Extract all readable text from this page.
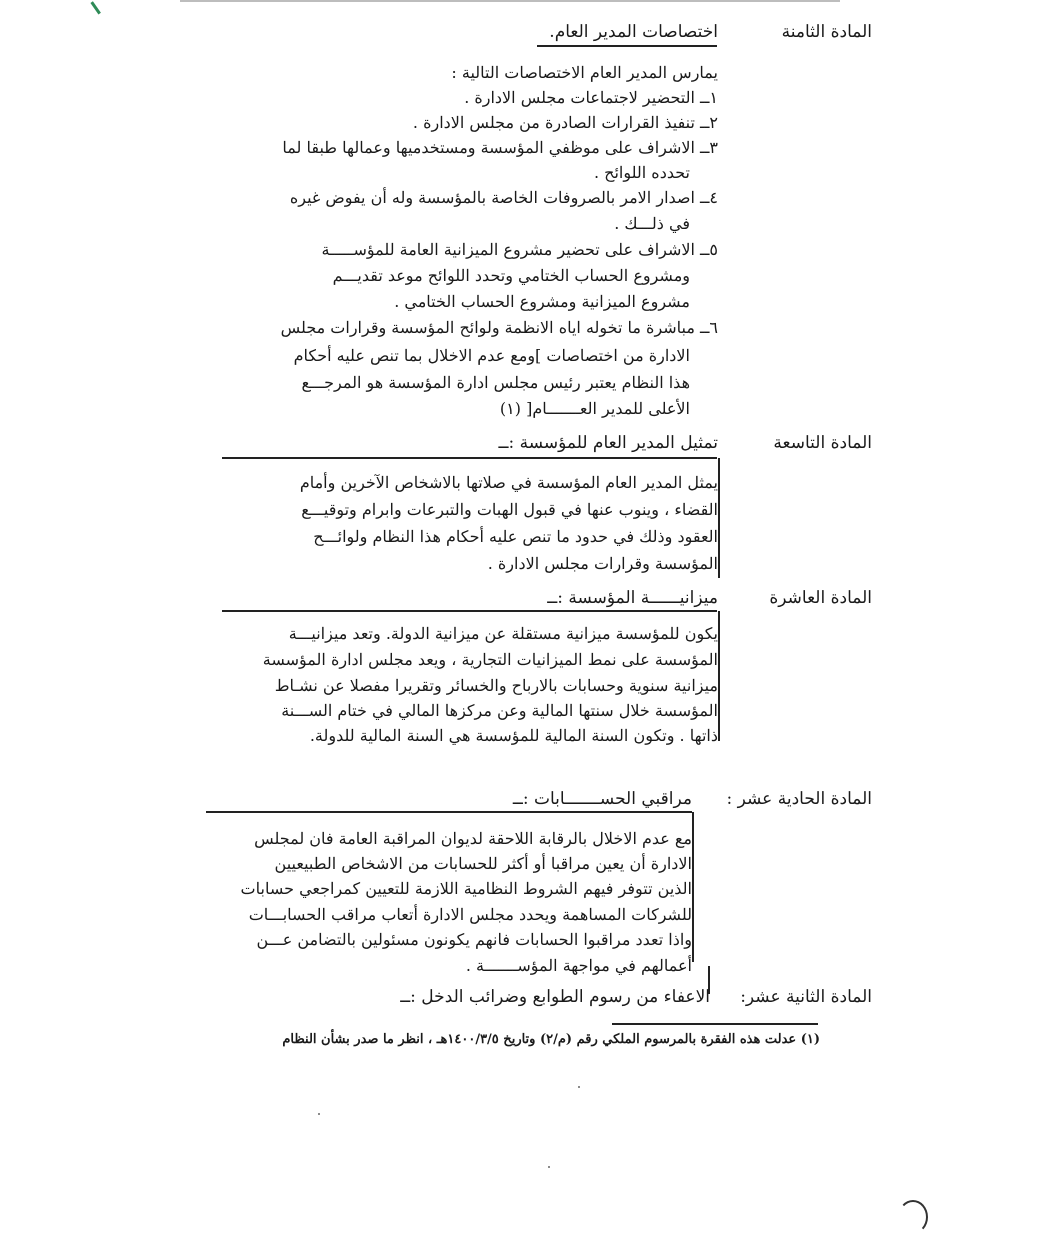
المادة الثامنة
اختصاصات المدير العام.
يمارس المدير العام الاختصاصات التالية :
١ــ التحضير لاجتماعات مجلس الادارة .
٢ــ تنفيذ القرارات الصادرة من مجلس الادارة .
٣ــ الاشراف على موظفي المؤسسة ومستخدميها وعمالها طبقا لما
تحدده اللوائح .
٤ــ اصدار الامر بالصروفات الخاصة بالمؤسسة وله أن يفوض غيره
في ذلـــك .
٥ــ الاشراف على تحضير مشروع الميزانية العامة للمؤســـــة
ومشروع الحساب الختامي وتحدد اللوائح موعد تقديـــم
مشروع الميزانية ومشروع الحساب الختامي .
٦ــ مباشرة ما تخوله اياه الانظمة ولوائح المؤسسة وقرارات مجلس
الادارة من اختصاصات ]ومع عدم الاخلال بما تنص عليه أحكام
هذا النظام يعتبر رئيس مجلس ادارة المؤسسة هو المرجـــع
الأعلى للمدير العـــــــام[ (١)
المادة التاسعة
تمثيل المدير العام للمؤسسة :ــ
يمثل المدير العام المؤسسة في صلاتها بالاشخاص الآخرين وأمام
القضاء ، وينوب عنها في قبول الهبات والتبرعات وابرام وتوقيـــع
العقود وذلك في حدود ما تنص عليه أحكام هذا النظام ولوائـــح
المؤسسة وقرارات مجلس الادارة .
المادة العاشرة
ميزانيــــــة المؤسسة :ــ
يكون للمؤسسة ميزانية مستقلة عن ميزانية الدولة. وتعد ميزانيـــة
المؤسسة على نمط الميزانيات التجارية ، ويعد مجلس ادارة المؤسسة
ميزانية سنوية وحسابات بالارباح والخسائر وتقريرا مفصلا عن نشـاط
المؤسسة خلال سنتها المالية وعن مركزها المالي في ختام الســـنة
ذاتها . وتكون السنة المالية للمؤسسة هي السنة المالية للدولة.
المادة الحادية عشر :
مراقبي الحســـــــابات :ــ
مع عدم الاخلال بالرقابة اللاحقة لديوان المراقبة العامة فان لمجلس
الادارة أن يعين مراقبا أو أكثر للحسابات من الاشخاص الطبيعيين
الذين تتوفر فيهم الشروط النظامية اللازمة للتعيين كمراجعي حسابات
للشركات المساهمة ويحدد مجلس الادارة أتعاب مراقب الحسابـــات
واذا تعدد مراقبوا الحسابات فانهم يكونون مسئولين بالتضامن عـــن
أعمالهم في مواجهة المؤســـــــة .
المادة الثانية عشر:
الاعفاء من رسوم الطوابع وضرائب الدخل :ــ
(١) عدلت هذه الفقرة بالمرسوم الملكي رقم (م/٢) وتاريخ ١٤٠٠/٣/٥هـ ، انظر ما صدر بشأن النظام
